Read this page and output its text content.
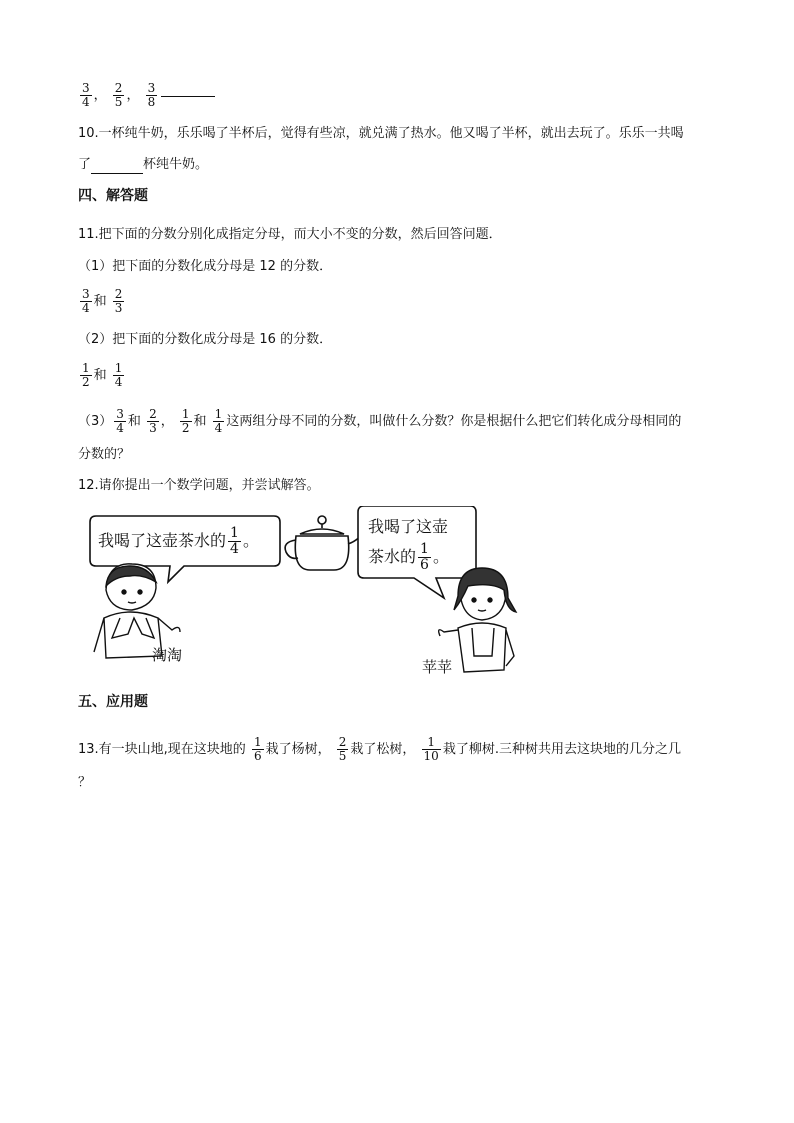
$\frac{3}{4}$ ， $\frac{2}{5}$ ， $\frac{3}{8}$
10.一杯纯牛奶，乐乐喝了半杯后，觉得有些凉，就兑满了热水。他又喝了半杯，就出去玩了。乐乐一共喝
了	杯纯牛奶。
四、解答题
11.把下面的分数分别化成指定分母，而大小不变的分数，然后回答问题．
（1）把下面的分数化成分母是 12 的分数．
$\frac{3}{4}$ 和 $\frac{2}{3}$
（2）把下面的分数化成分母是 16 的分数．
$\frac{1}{2}$ 和 $\frac{1}{4}$
$(3) \frac{3}{4}$ 和 $\frac{2}{3}$ ， $\frac{1}{2}$ 和 $\frac{1}{4}$ 这两组分母不同的分数，叫做什么分数？你是根据什么把它们转化成分母相同的
分数的？
12.请你提出一个数学问题，并尝试解答。
我喝了这壶茶水的 $\frac{1}{4}$ 。
我喝了这壶
茶水的 $\frac{1}{6}$ 。
淘淘
苹苹
五、应用题
13.有一块山地,现在这块地的 $\frac{1}{6}$ 栽了杨树， $\frac{2}{5}$ 栽了松树， $\frac{1}{10}$ 栽了柳树.三种树共用去这块地的几分之几
？
